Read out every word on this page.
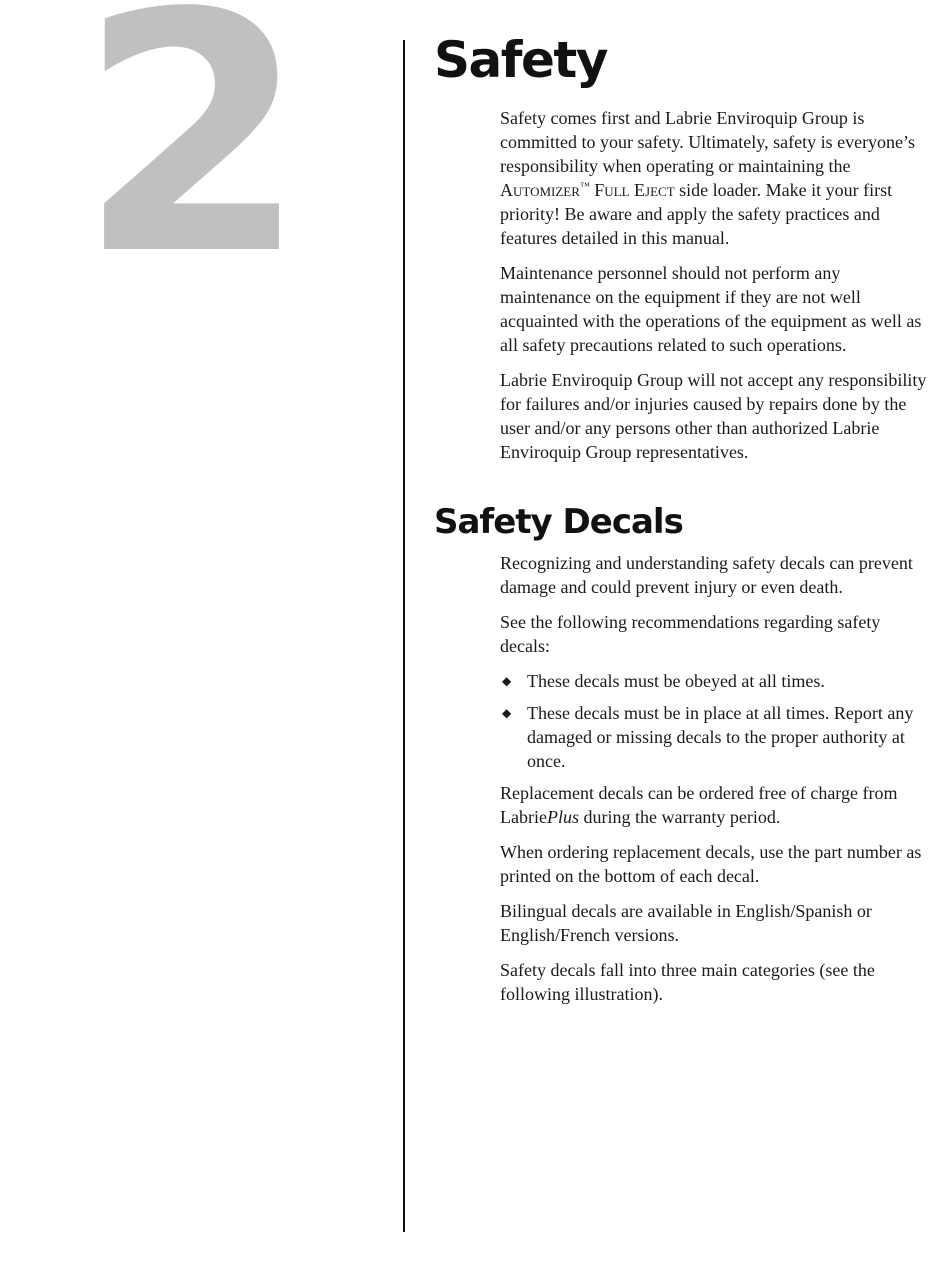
2	Safety

Safety comes first and Labrie Enviroquip Group is committed to your safety. Ultimately, safety is everyone’s responsibility when operating or maintaining the Automizer™ Full Eject side loader. Make it your first priority! Be aware and apply the safety practices and features detailed in this manual.

Maintenance personnel should not perform any maintenance on the equipment if they are not well acquainted with the operations of the equipment as well as all safety precautions related to such operations.

Labrie Enviroquip Group will not accept any responsibility for failures and/or injuries caused by repairs done by the user and/or any persons other than authorized Labrie Enviroquip Group representatives.

Safety Decals

Recognizing and understanding safety decals can prevent damage and could prevent injury or even death.

See the following recommendations regarding safety decals:

◆ These decals must be obeyed at all times.
◆ These decals must be in place at all times. Report any damaged or missing decals to the proper authority at once.

Replacement decals can be ordered free of charge from LabriePlus during the warranty period.

When ordering replacement decals, use the part number as printed on the bottom of each decal.

Bilingual decals are available in English/Spanish or English/French versions.

Safety decals fall into three main categories (see the following illustration).
